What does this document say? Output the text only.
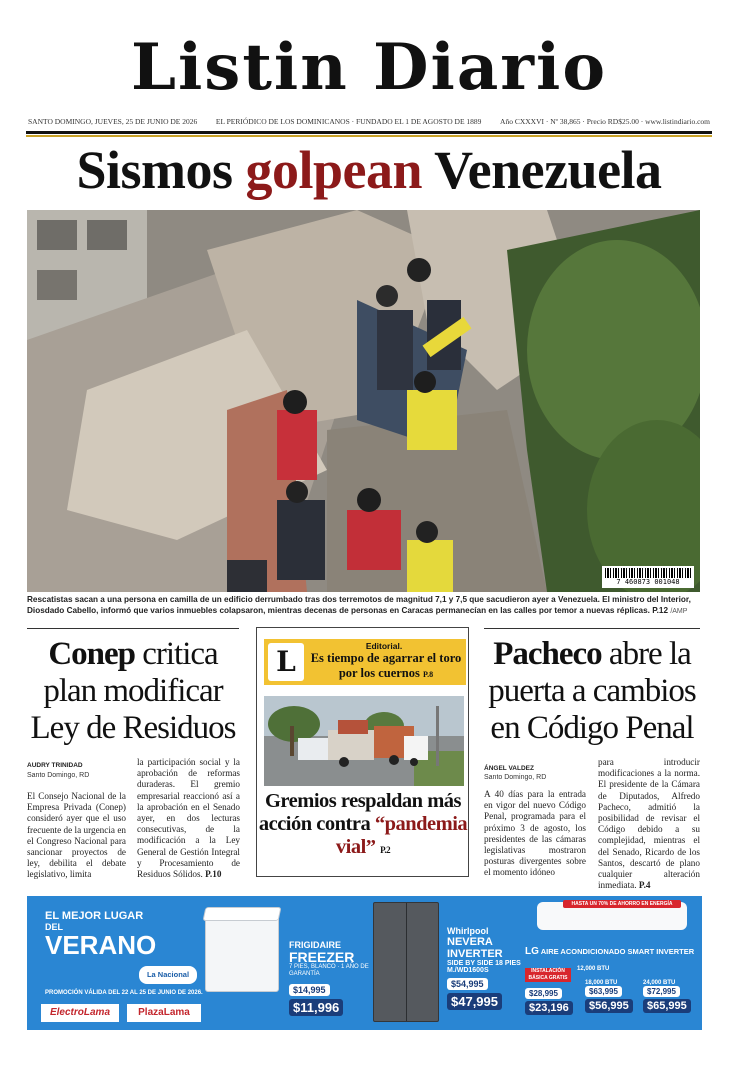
Listin Diario
SANTO DOMINGO, JUEVES, 25 DE JUNIO DE 2026 EL PERIÓDICO DE LOS DOMINICANOS · FUNDADO EL 1 DE AGOSTO DE 1889 Año CXXXVI · Nº 38,865 · Precio RD$25.00 · www.listindiario.com
Sismos golpean Venezuela
7 460873 001048
Rescatistas sacan a una persona en camilla de un edificio derrumbado tras dos terremotos de magnitud 7,1 y 7,5 que sacudieron ayer a Venezuela. El ministro del Interior, Diosdado Cabello, informó que varios inmuebles colapsaron, mientras decenas de personas en Caracas permanecían en las calles por temor a nuevas réplicas. P.12 /AMP
Conep critica plan modificar Ley de Residuos
AUDRY TRINIDAD
Santo Domingo, RD
El Consejo Nacional de la Empresa Privada (Conep) consideró ayer que el uso frecuente de la urgencia en el Congreso Nacional para sancionar proyectos de ley, debilita el debate legislativo, limita
la participación social y la aprobación de reformas duraderas. El gremio empresarial reaccionó así a la aprobación en el Senado ayer, en dos lecturas consecutivas, de la modificación a la Ley General de Gestión Integral y Procesamiento de Residuos Sólidos. P.10
L	Editorial.
Es tiempo de agarrar el toro por los cuernos P.8
Gremios respaldan más acción contra “pandemia vial” P.2
Pacheco abre la puerta a cambios en Código Penal
ÁNGEL VALDEZ
Santo Domingo, RD
A 40 días para la entrada en vigor del nuevo Código Penal, programada para el próximo 3 de agosto, los presidentes de las cámaras legislativas mostraron posturas divergentes sobre el momento idóneo
para introducir modificaciones a la norma. El presidente de la Cámara de Diputados, Alfredo Pacheco, admitió la posibilidad de revisar el Código debido a su complejidad, mientras el del Senado, Ricardo de los Santos, descartó de plano cualquier alteración inmediata. P.4
EL MEJOR LUGAR
DEL
VERANO
La Nacional
PROMOCIÓN VÁLIDA DEL 22 AL 25 DE JUNIO DE 2026.
ElectroLama	PlazaLama
FRIGIDAIRE
FREEZER
7 PIES, BLANCO · 1 AÑO DE GARANTÍA
$14,995
$11,996
Whirlpool
NEVERA INVERTER
SIDE BY SIDE 18 PIES
M./WD1600S
$54,995
$47,995
HASTA UN 70% DE AHORRO EN ENERGÍA
LG AIRE ACONDICIONADO SMART INVERTER
INSTALACIÓN BÁSICA GRATIS
12,000 BTU
$28,995
$23,196
18,000 BTU
$63,995
$56,995
24,000 BTU
$72,995
$65,995
